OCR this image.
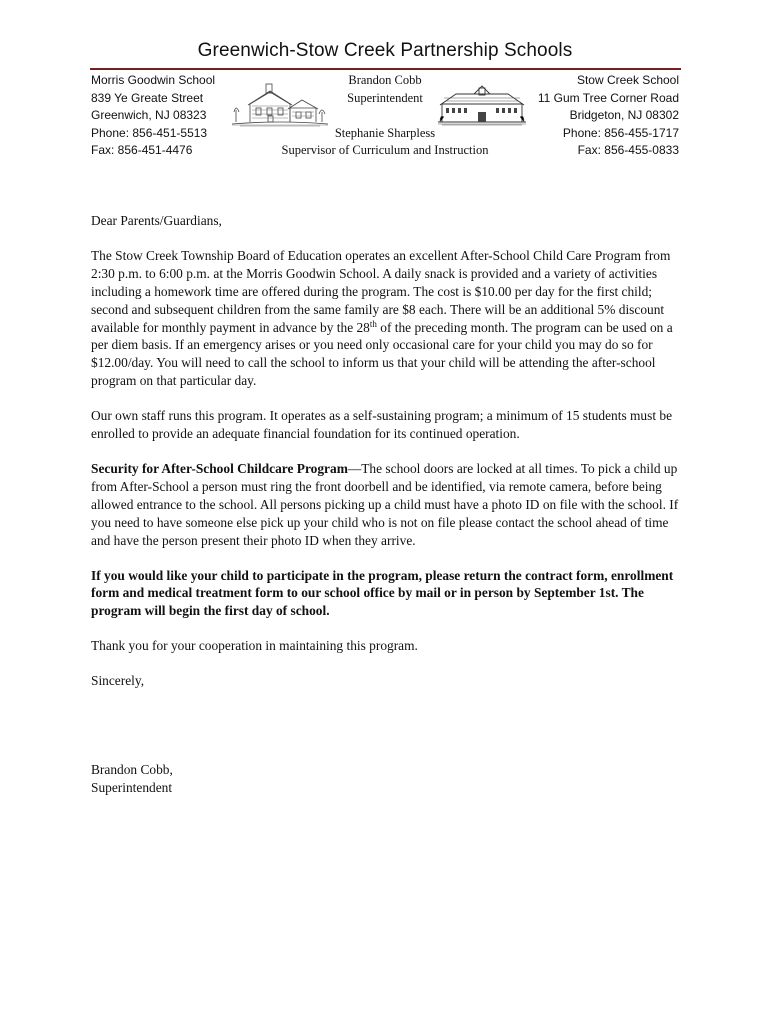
Greenwich-Stow Creek Partnership Schools
Morris Goodwin School
839 Ye Greate Street
Greenwich, NJ 08323
Phone: 856-451-5513
Fax: 856-451-4476
Brandon Cobb
Superintendent
Stephanie Sharpless
Supervisor of Curriculum and Instruction
Stow Creek School
11 Gum Tree Corner Road
Bridgeton, NJ 08302
Phone: 856-455-1717
Fax: 856-455-0833

Dear Parents/Guardians,

The Stow Creek Township Board of Education operates an excellent After-School Child Care Program from 2:30 p.m. to 6:00 p.m. at the Morris Goodwin School. A daily snack is provided and a variety of activities including a homework time are offered during the program. The cost is $10.00 per day for the first child; second and subsequent children from the same family are $8 each. There will be an additional 5% discount available for monthly payment in advance by the 28th of the preceding month. The program can be used on a per diem basis. If an emergency arises or you need only occasional care for your child you may do so for $12.00/day. You will need to call the school to inform us that your child will be attending the after-school program on that particular day.

Our own staff runs this program. It operates as a self-sustaining program; a minimum of 15 students must be enrolled to provide an adequate financial foundation for its continued operation.

Security for After-School Childcare Program—The school doors are locked at all times. To pick a child up from After-School a person must ring the front doorbell and be identified, via remote camera, before being allowed entrance to the school. All persons picking up a child must have a photo ID on file with the school. If you need to have someone else pick up your child who is not on file please contact the school ahead of time and have the person present their photo ID when they arrive.

If you would like your child to participate in the program, please return the contract form, enrollment form and medical treatment form to our school office by mail or in person by September 1st. The program will begin the first day of school.

Thank you for your cooperation in maintaining this program.

Sincerely,

Brandon Cobb,
Superintendent
